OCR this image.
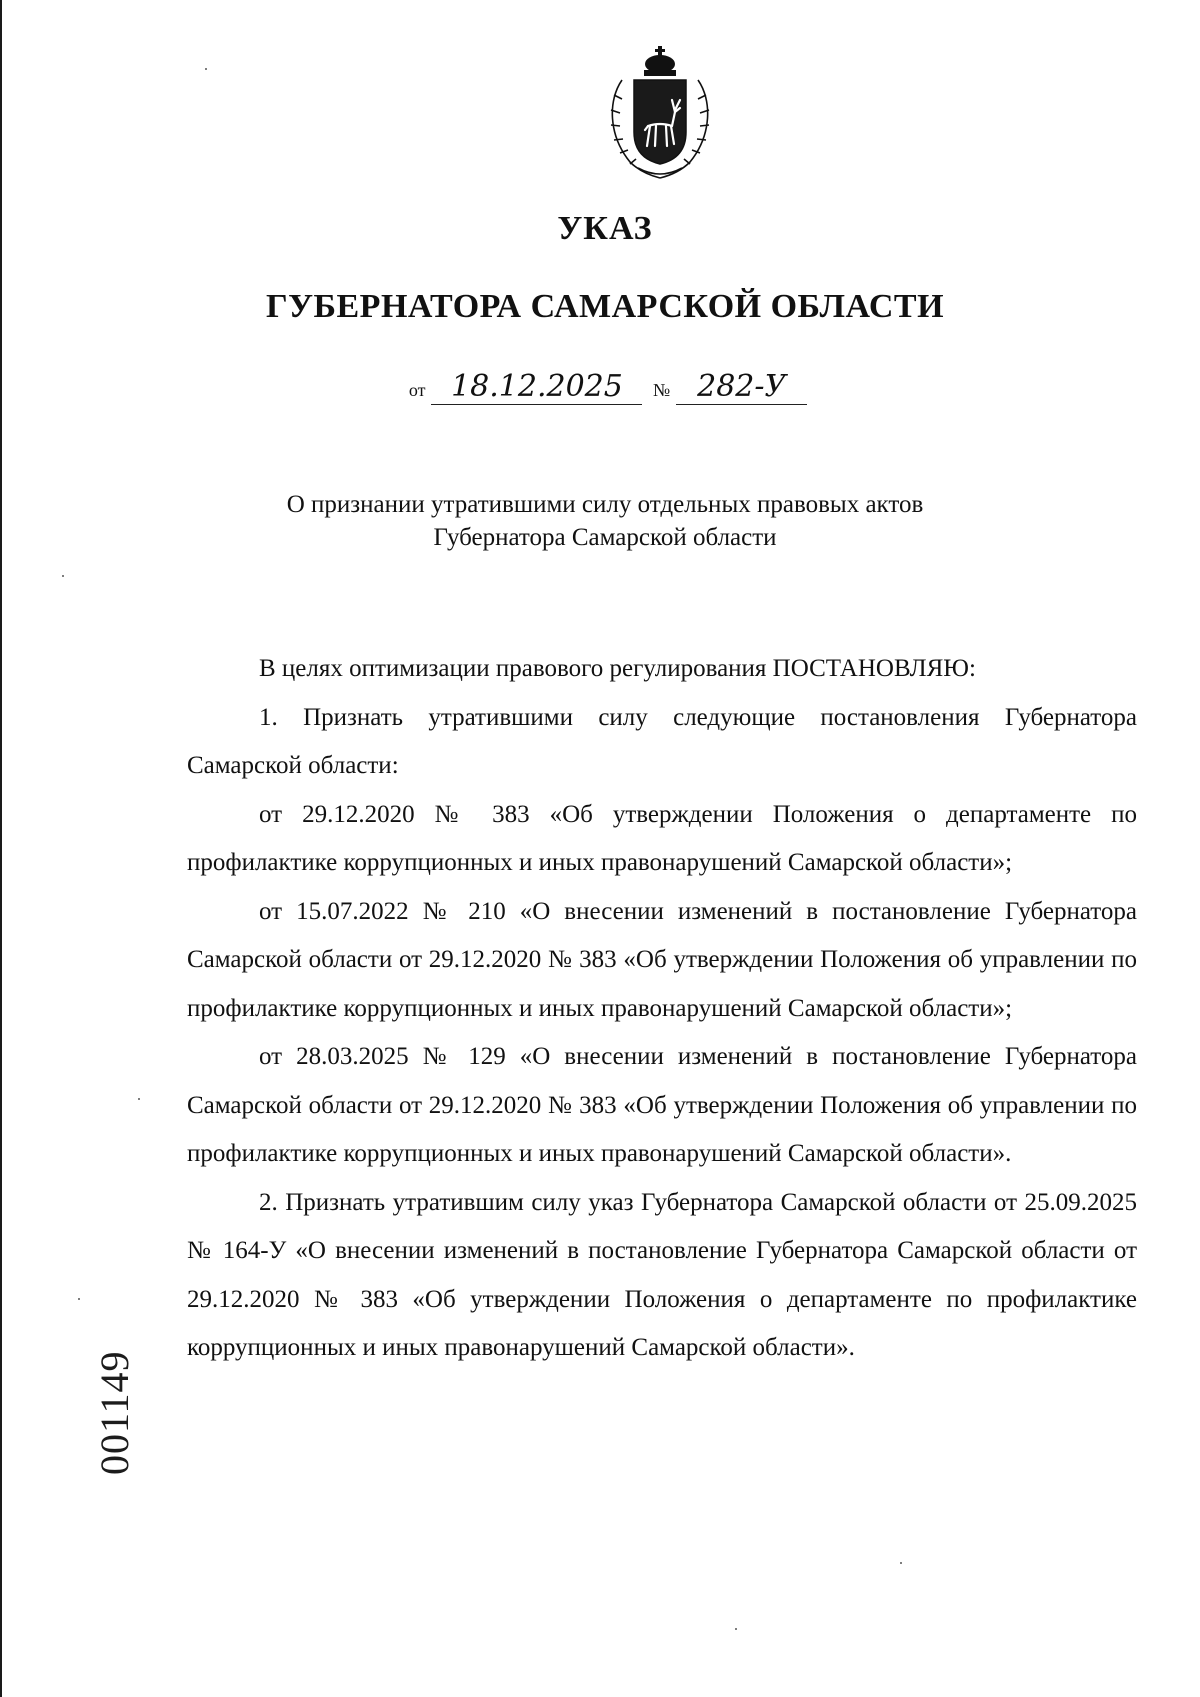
УКАЗ
ГУБЕРНАТОРА САМАРСКОЙ ОБЛАСТИ
от 18.12.2025 № 282-У
О признании утратившими силу отдельных правовых актов
Губернатора Самарской области

В целях оптимизации правового регулирования ПОСТАНОВЛЯЮ:

1. Признать утратившими силу следующие постановления Губернатора Самарской области:

от 29.12.2020 № 383 «Об утверждении Положения о департаменте по профилактике коррупционных и иных правонарушений Самарской области»;

от 15.07.2022 № 210 «О внесении изменений в постановление Губернатора Самарской области от 29.12.2020 № 383 «Об утверждении Положения об управлении по профилактике коррупционных и иных правонарушений Самарской области»;

от 28.03.2025 № 129 «О внесении изменений в постановление Губернатора Самарской области от 29.12.2020 № 383 «Об утверждении Положения об управлении по профилактике коррупционных и иных правонарушений Самарской области».

2. Признать утратившим силу указ Губернатора Самарской области от 25.09.2025 № 164-У «О внесении изменений в постановление Губернатора Самарской области от 29.12.2020 № 383 «Об утверждении Положения о департаменте по профилактике коррупционных и иных правонарушений Самарской области».

001149
